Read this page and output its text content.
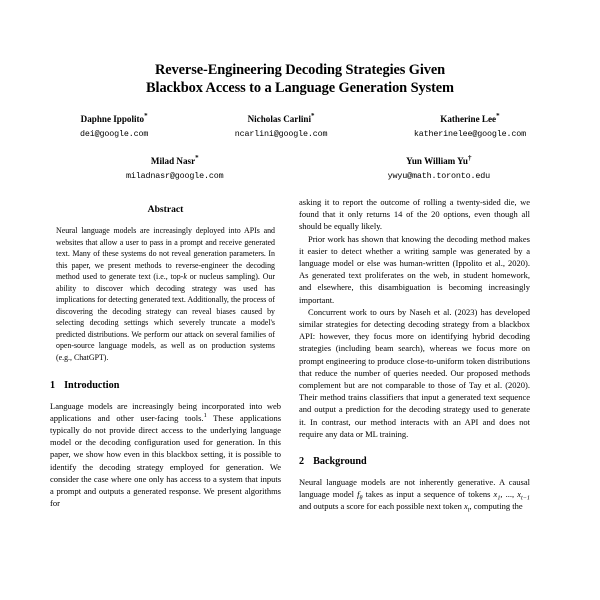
Reverse-Engineering Decoding Strategies Given
Blackbox Access to a Language Generation System
Daphne Ippolito*
dei@google.com
Nicholas Carlini*
ncarlini@google.com
Katherine Lee*
katherinelee@google.com
Milad Nasr*
miladnasr@google.com
Yun William Yu†
ywyu@math.toronto.edu
Abstract

Neural language models are increasingly deployed into APIs and websites that allow a user to pass in a prompt and receive generated text. Many of these systems do not reveal generation parameters. In this paper, we present methods to reverse-engineer the decoding method used to generate text (i.e., top-k or nucleus sampling). Our ability to discover which decoding strategy was used has implications for detecting generated text. Additionally, the process of discovering the decoding strategy can reveal biases caused by selecting decoding settings which severely truncate a model's predicted distributions. We perform our attack on several families of open-source language models, as well as on production systems (e.g., ChatGPT).

1 Introduction

Language models are increasingly being incorporated into web applications and other user-facing tools.$^1$ These applications typically do not provide direct access to the underlying language model or the decoding configuration used for generation. In this paper, we show how even in this blackbox setting, it is possible to identify the decoding strategy employed for generation. We consider the case where one only has access to a system that inputs a prompt and outputs a generated response. We present algorithms for

asking it to report the outcome of rolling a twenty-sided die, we found that it only returns 14 of the 20 options, even though all should be equally likely.

Prior work has shown that knowing the decoding method makes it easier to detect whether a writing sample was generated by a language model or else was human-written (Ippolito et al., 2020). As generated text proliferates on the web, in student homework, and elsewhere, this disambiguation is becoming increasingly important.

Concurrent work to ours by Naseh et al. (2023) has developed similar strategies for detecting decoding strategy from a blackbox API: however, they focus more on identifying hybrid decoding strategies (including beam search), whereas we focus more on prompt engineering to produce close-to-uniform token distributions that reduce the number of queries needed. Our proposed methods complement but are not comparable to those of Tay et al. (2020). Their method trains classifiers that input a generated text sequence and output a prediction for the decoding strategy used to generate it. In contrast, our method interacts with an API and does not require any data or ML training.

2 Background

Neural language models are not inherently generative. A causal language model $f_\theta$ takes as input a sequence of tokens $x_1$, ..., $x_{t-1}$ and outputs a score for each possible next token $x_t$, computing the
